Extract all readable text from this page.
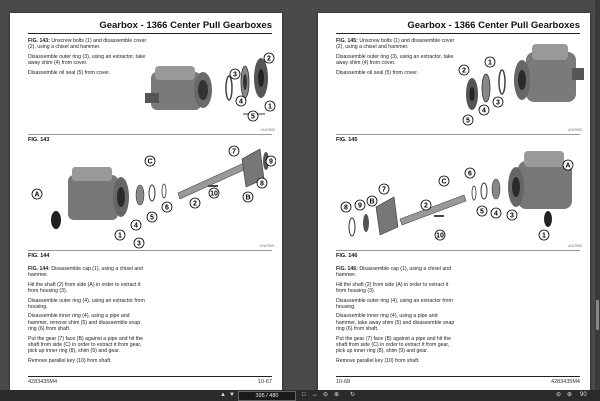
Gearbox - 1366 Center Pull Gearboxes

FIG. 143: Unscrew bolts (1) and disassemble cover (2), using a chisel and hammer.

Disassemble outer ring (3), using an extractor, take away shim (4) from cover.

Disassemble oil seal (5) from cover.

2
3
4
5
1
LKA7900
FIG. 143
A
3
4
5
6
2
10
7
8
9
B
C
1
LKA7900
FIG. 144

FIG. 144: Disassemble cap (1), using a chisel and hammer.

Hit the shaft (2) from side (A) in order to extract it from housing (3).

Disassemble outer ring (4), using an extractor from housing.

Disassemble inner ring (4), using a pipe and hammer, remove shim (5) and disassemble snap ring (6) from shaft.

Put the gear (7) face (B) against a pipe and hit the shaft from side (C) in order to extract it from gear, pick up inner ring (8), shim (9) and gear.

Remove parallel key (10) from shaft.

4283435M4	10-67
Gearbox - 1366 Center Pull Gearboxes

FIG. 145: Unscrew bolts (1) and disassemble cover (2), using a chisel and hammer.

Disassemble outer ring (3), using an extractor, take away shim (4) from cover.

Disassemble oil seal (5) from cover.	2
1
4
3
5
LKA7900
FIG. 145
A
1
3
4
5
6
C
2
10
7
B
8 9
LKA7900
FIG. 146

FIG. 146: Disassemble cap (1), using a chisel and hammer.

Hit the shaft (2) from side (A) in order to extract it from housing (3).

Disassemble outer ring (4), using an extractor from housing.

Disassemble inner ring (4), using a pipe and hammer, take away shim (5) and disassemble snap ring (6) from shaft.

Put the gear (7) face (B) against a pipe and hit the shaft from side (C) in order to extract it from gear, pick up inner ring (8), shim (9) and gear.

Remove parallel key (10) from shaft.

10-68	4283435M4
▲ ▼	395 / 480	□ ↔ ⊖ ⊕ ↻	⊖ ⊕ 90
